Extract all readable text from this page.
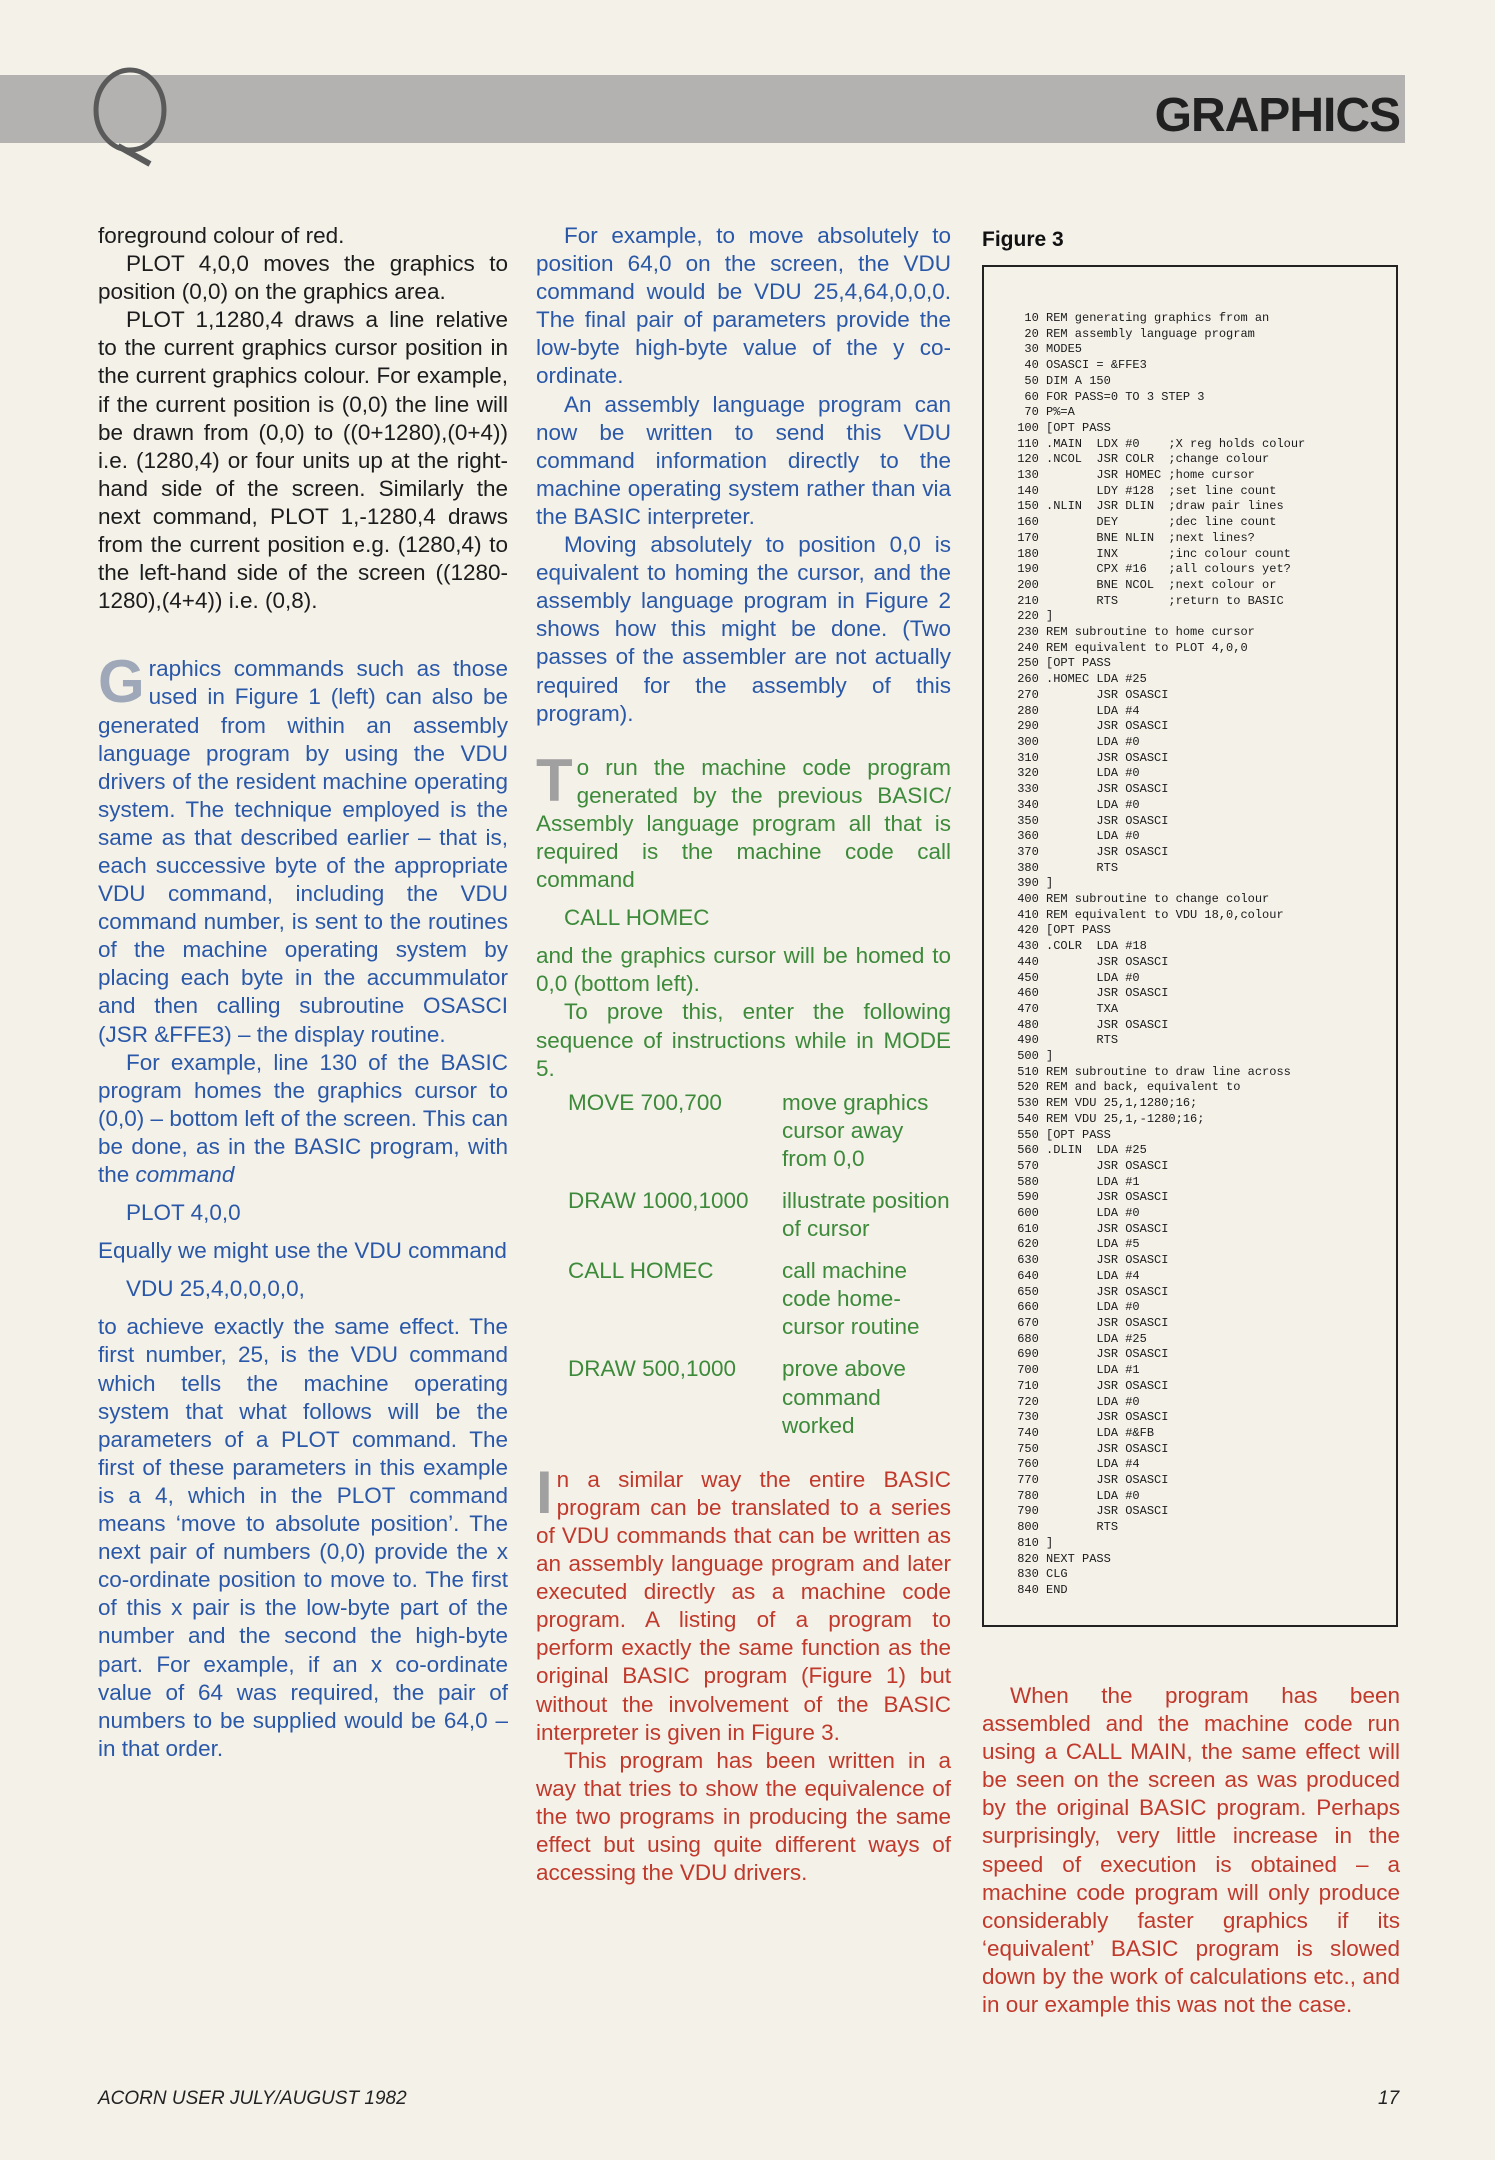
GRAPHICS

foreground colour of red.

PLOT 4,0,0 moves the graphics to position (0,0) on the graphics area.

PLOT 1,1280,4 draws a line relative to the current graphics cursor position in the current graphics colour. For example, if the current position is (0,0) the line will be drawn from (0,0) to ((0+1280),(0+4)) i.e. (1280,4) or four units up at the right-hand side of the screen. Similarly the next command, PLOT 1,-1280,4 draws from the current position e.g. (1280,4) to the left-hand side of the screen ((1280-1280),(4+4)) i.e. (0,8).

Graphics commands such as those used in Figure 1 (left) can also be generated from within an assembly language program by using the VDU drivers of the resident machine operating system. The technique employed is the same as that described earlier – that is, each successive byte of the appropriate VDU command, including the VDU command number, is sent to the routines of the machine operating system by placing each byte in the accummulator and then calling subroutine OSASCI (JSR &FFE3) – the display routine.

For example, line 130 of the BASIC program homes the graphics cursor to (0,0) – bottom left of the screen. This can be done, as in the BASIC program, with the command

PLOT 4,0,0

Equally we might use the VDU command

VDU 25,4,0,0,0,0,

to achieve exactly the same effect. The first number, 25, is the VDU command which tells the machine operating system that what follows will be the parameters of a PLOT command. The first of these parameters in this example is a 4, which in the PLOT command means ‘move to absolute position’. The next pair of numbers (0,0) provide the x co-ordinate position to move to. The first of this x pair is the low-byte part of the number and the second the high-byte part. For example, if an x co-ordinate value of 64 was required, the pair of numbers to be supplied would be 64,0 – in that order.

For example, to move absolutely to position 64,0 on the screen, the VDU command would be VDU 25,4,64,0,0,0. The final pair of parameters provide the low-byte high-byte value of the y co-ordinate.

An assembly language program can now be written to send this VDU command information directly to the machine operating system rather than via the BASIC interpreter.

Moving absolutely to position 0,0 is equivalent to homing the cursor, and the assembly language program in Figure 2 shows how this might be done. (Two passes of the assembler are not actually required for the assembly of this program).

To run the machine code program generated by the previous BASIC/ Assembly language program all that is required is the machine code call command

CALL HOMEC

and the graphics cursor will be homed to 0,0 (bottom left).

To prove this, enter the following sequence of instructions while in MODE 5.

MOVE 700,700	move graphics cursor away from 0,0
DRAW 1000,1000	illustrate position of cursor
CALL HOMEC	call machine code home-cursor routine
DRAW 500,1000	prove above command worked

In a similar way the entire BASIC program can be translated to a series of VDU commands that can be written as an assembly language program and later executed directly as a machine code program. A listing of a program to perform exactly the same function as the original BASIC program (Figure 1) but without the involvement of the BASIC interpreter is given in Figure 3.

This program has been written in a way that tries to show the equivalence of the two programs in producing the same effect but using quite different ways of accessing the VDU drivers.

Figure 3
10 REM generating graphics from an
20 REM assembly language program
30 MODE5
40 OSASCI = &FFE3
50 DIM A 150
60 FOR PASS=0 TO 3 STEP 3
70 P%=A
100 [OPT PASS
110 .MAIN  LDX #0    ;X reg holds colour
120 .NCOL  JSR COLR  ;change colour
130        JSR HOMEC ;home cursor
140        LDY #128  ;set line count
150 .NLIN  JSR DLIN  ;draw pair lines
160        DEY       ;dec line count
170        BNE NLIN  ;next lines?
180        INX       ;inc colour count
190        CPX #16   ;all colours yet?
200        BNE NCOL  ;next colour or
210        RTS       ;return to BASIC
220 ]
230 REM subroutine to home cursor
240 REM equivalent to PLOT 4,0,0
250 [OPT PASS
260 .HOMEC LDA #25
270        JSR OSASCI
280        LDA #4
290        JSR OSASCI
300        LDA #0
310        JSR OSASCI
320        LDA #0
330        JSR OSASCI
340        LDA #0
350        JSR OSASCI
360        LDA #0
370        JSR OSASCI
380        RTS
390 ]
400 REM subroutine to change colour
410 REM equivalent to VDU 18,0,colour
420 [OPT PASS
430 .COLR  LDA #18
440        JSR OSASCI
450        LDA #0
460        JSR OSASCI
470        TXA
480        JSR OSASCI
490        RTS
500 ]
510 REM subroutine to draw line across
520 REM and back, equivalent to
530 REM VDU 25,1,1280;16;
540 REM VDU 25,1,-1280;16;
550 [OPT PASS
560 .DLIN  LDA #25
570        JSR OSASCI
580        LDA #1
590        JSR OSASCI
600        LDA #0
610        JSR OSASCI
620        LDA #5
630        JSR OSASCI
640        LDA #4
650        JSR OSASCI
660        LDA #0
670        JSR OSASCI
680        LDA #25
690        JSR OSASCI
700        LDA #1
710        JSR OSASCI
720        LDA #0
730        JSR OSASCI
740        LDA #&FB
750        JSR OSASCI
760        LDA #4
770        JSR OSASCI
780        LDA #0
790        JSR OSASCI
800        RTS
810 ]
820 NEXT PASS
830 CLG
840 END

When the program has been assembled and the machine code run using a CALL MAIN, the same effect will be seen on the screen as was produced by the original BASIC program. Perhaps surprisingly, very little increase in the speed of execution is obtained – a machine code program will only produce considerably faster graphics if its ‘equivalent’ BASIC program is slowed down by the work of calculations etc., and in our example this was not the case.

ACORN USER JULY/AUGUST 1982	17
